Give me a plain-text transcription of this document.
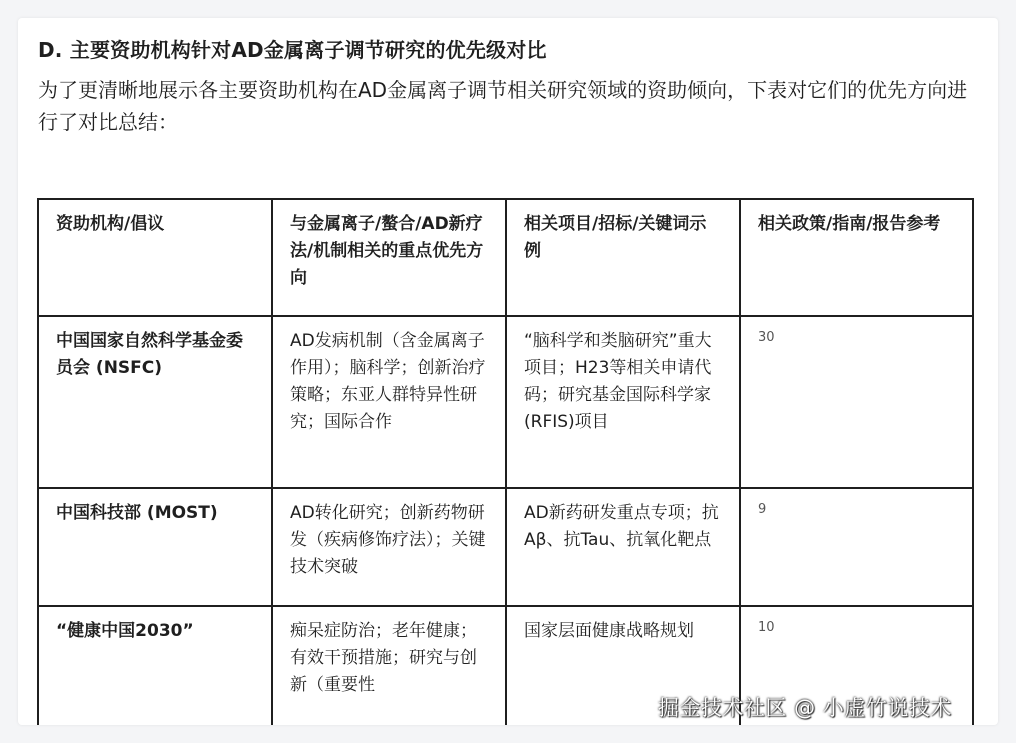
D. 主要资助机构针对AD金属离子调节研究的优先级对比
为了更清晰地展示各主要资助机构在AD金属离子调节相关研究领域的资助倾向，下表对它们的优先方向进行了对比总结：
资助机构/倡议	与金属离子/螯合/AD新疗法/机制相关的重点优先方向	相关项目/招标/关键词示例	相关政策/指南/报告参考

中国国家自然科学基金委员会 (NSFC)	AD发病机制（含金属离子作用）；脑科学；创新治疗策略；东亚人群特异性研究；国际合作	“脑科学和类脑研究”重大项目；H23等相关申请代码；研究基金国际科学家(RFIS)项目	30
中国科技部 (MOST)	AD转化研究；创新药物研发（疾病修饰疗法）；关键技术突破	AD新药研发重点专项；抗Aβ、抗Tau、抗氧化靶点	9
“健康中国2030”	痴呆症防治；老年健康；有效干预措施；研究与创新（重要性	国家层面健康战略规划	10
掘金技术社区 @ 小虚竹说技术
